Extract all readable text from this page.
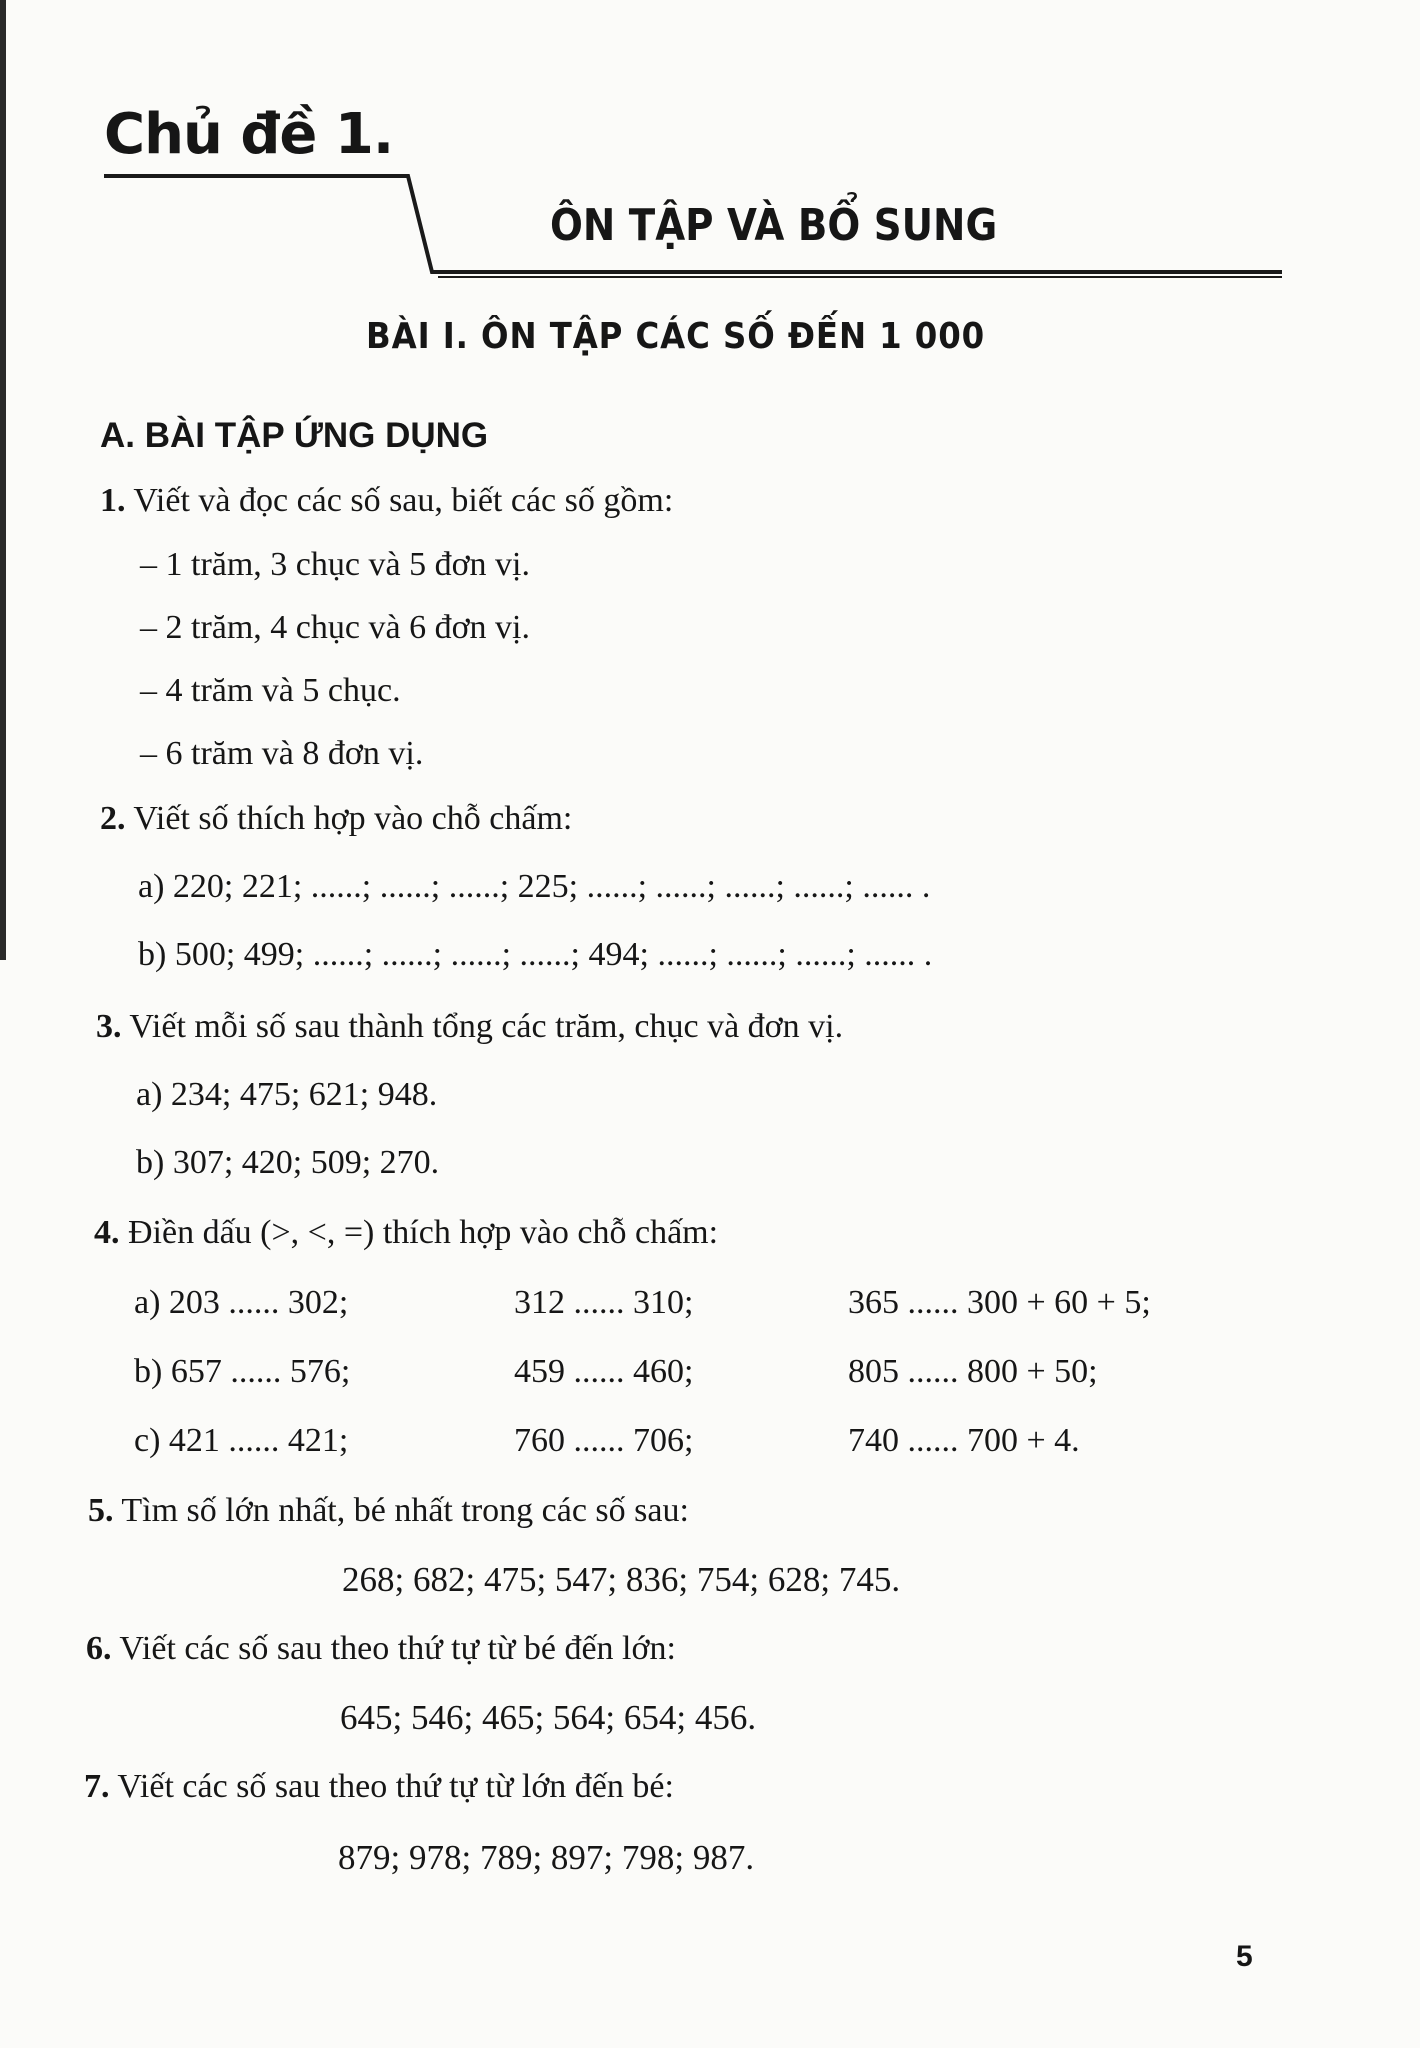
Chủ đề 1.
ÔN TẬP VÀ BỔ SUNG
BÀI I. ÔN TẬP CÁC SỐ ĐẾN 1 000
A. BÀI TẬP ỨNG DỤNG
1. Viết và đọc các số sau, biết các số gồm:
– 1 trăm, 3 chục và 5 đơn vị.
– 2 trăm, 4 chục và 6 đơn vị.
– 4 trăm và 5 chục.
– 6 trăm và 8 đơn vị.
2. Viết số thích hợp vào chỗ chấm:
a) 220; 221; ......; ......; ......; 225; ......; ......; ......; ......; ...... .
b) 500; 499; ......; ......; ......; ......; 494; ......; ......; ......; ...... .
3. Viết mỗi số sau thành tổng các trăm, chục và đơn vị.
a) 234; 475; 621; 948.
b) 307; 420; 509; 270.
4. Điền dấu (>, <, =) thích hợp vào chỗ chấm:
a) 203 ...... 302;	312 ...... 310;	365 ...... 300 + 60 + 5;
b) 657 ...... 576;	459 ...... 460;	805 ...... 800 + 50;
c) 421 ...... 421;	760 ...... 706;	740 ...... 700 + 4.
5. Tìm số lớn nhất, bé nhất trong các số sau:
268; 682; 475; 547; 836; 754; 628; 745.
6. Viết các số sau theo thứ tự từ bé đến lớn:
645; 546; 465; 564; 654; 456.
7. Viết các số sau theo thứ tự từ lớn đến bé:
879; 978; 789; 897; 798; 987.
5
